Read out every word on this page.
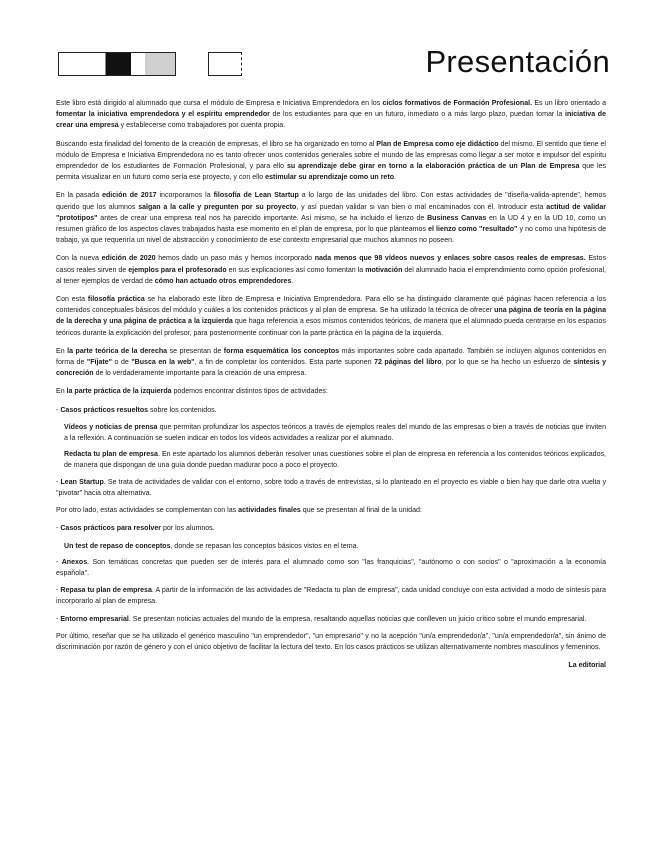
Presentación

Este libro está dirigido al alumnado que cursa el módulo de Empresa e Iniciativa Emprendedora en los ciclos formativos de Formación Profesional. Es un libro orientado a fomentar la iniciativa emprendedora y el espíritu emprendedor de los estudiantes para que en un futuro, inmediato o a más largo plazo, puedan tomar la iniciativa de crear una empresa y establecerse como trabajadores por cuenta propia.

Buscando esta finalidad del fomento de la creación de empresas, el libro se ha organizado en torno al Plan de Empresa como eje didáctico del mismo. El sentido que tiene el módulo de Empresa e Iniciativa Emprendedora no es tanto ofrecer unos contenidos generales sobre el mundo de las empresas como llegar a ser motor e impulsor del espíritu emprendedor de los estudiantes de Formación Profesional, y para ello su aprendizaje debe girar en torno a la elaboración práctica de un Plan de Empresa que les permita visualizar en un futuro como sería ese proyecto, y con ello estimular su aprendizaje como un reto.

En la pasada edición de 2017 incorporamos la filosofía de Lean Startup a lo largo de las unidades del libro. Con estas actividades de "diseña-valida-aprende", hemos querido que los alumnos salgan a la calle y pregunten por su proyecto, y así puedan validar si van bien o mal encaminados con él. Introducir esta actitud de validar "prototipos" antes de crear una empresa real nos ha parecido importante. Así mismo, se ha incluido el lienzo de Business Canvas en la UD 4 y en la UD 10, como un resumen gráfico de los aspectos claves trabajados hasta ese momento en el plan de empresa, por lo que planteamos el lienzo como "resultado" y no como una hipótesis de trabajo, ya que requeriría un nivel de abstracción y conocimiento de ese contexto empresarial que muchos alumnos no poseen.

Con la nueva edición de 2020 hemos dado un paso más y hemos incorporado nada menos que 98 vídeos nuevos y enlaces sobre casos reales de empresas. Estos casos reales sirven de ejemplos para el profesorado en sus explicaciones así como fomentan la motivación del alumnado hacia el emprendimiento como opción profesional, al tener ejemplos de verdad de cómo han actuado otros emprendedores.

Con esta filosofía práctica se ha elaborado este libro de Empresa e Iniciativa Emprendedora. Para ello se ha distinguido claramente qué páginas hacen referencia a los contenidos conceptuales básicos del módulo y cuáles a los contenidos prácticos y al plan de empresa. Se ha utilizado la técnica de ofrecer una página de teoría en la página de la derecha y una página de práctica a la izquierda que haga referencia a esos mismos contenidos teóricos, de manera que el alumnado pueda centrarse en los espacios teóricos durante la explicación del profesor, para posteriormente continuar con la parte práctica en la página de la izquierda.

En la parte teórica de la derecha se presentan de forma esquemática los conceptos más importantes sobre cada apartado. También se incluyen algunos contenidos en forma de "Fíjate" o de "Busca en la web", a fin de completar los contenidos. Esta parte suponen 72 páginas del libro, por lo que se ha hecho un esfuerzo de síntesis y concreción de lo verdaderamente importante para la creación de una empresa.

En la parte práctica de la izquierda podemos encontrar distintos tipos de actividades:

- Casos prácticos resueltos sobre los contenidos.

Vídeos y noticias de prensa que permitan profundizar los aspectos teóricos a través de ejemplos reales del mundo de las empresas o bien a través de noticias que inviten a la reflexión. A continuación se suelen indicar en todos los vídeos actividades a realizar por el alumnado.

Redacta tu plan de empresa. En este apartado los alumnos deberán resolver unas cuestiones sobre el plan de empresa en referencia a los contenidos teóricos explicados, de manera que dispongan de una guía donde puedan madurar poco a poco el proyecto.

- Lean Startup. Se trata de actividades de validar con el entorno, sobre todo a través de entrevistas, si lo planteado en el proyecto es viable o bien hay que darle otra vuelta y "pivotar" hacia otra alternativa.

Por otro lado, estas actividades se complementan con las actividades finales que se presentan al final de la unidad:

- Casos prácticos para resolver por los alumnos.

Un test de repaso de conceptos, donde se repasan los conceptos básicos vistos en el tema.

- Anexos. Son temáticas concretas que pueden ser de interés para el alumnado como son "las franquicias", "autónomo o con socios" o "aproximación a la economía española".

- Repasa tu plan de empresa. A partir de la información de las actividades de "Redacta tu plan de empresa", cada unidad concluye con esta actividad a modo de síntesis para incorporarlo al plan de empresa.

- Entorno empresarial. Se presentan noticias actuales del mundo de la empresa, resaltando aquellas noticias que conlleven un juicio crítico sobre el mundo empresarial.

Por último, reseñar que se ha utilizado el genérico masculino "un emprendedor", "un empresario" y no la acepción "un/a emprendedor/a", "un/a emprendedor/a", sin ánimo de discriminación por razón de género y con el único objetivo de facilitar la lectura del texto. En los casos prácticos se utilizan alternativamente nombres masculinos y femeninos.

La editorial
